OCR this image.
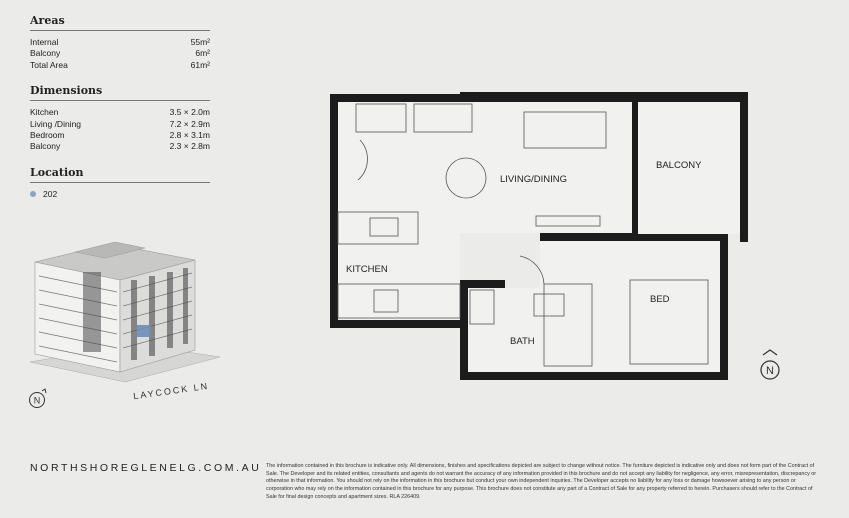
Areas
Internal	55m²
Balcony	6m²
Total Area	61m²
Dimensions
Kitchen	3.5 × 2.0m
Living /Dining	7.2 × 2.9m
Bedroom	2.8 × 3.1m
Balcony	2.3 × 2.8m
Location
202
LAYCOCK LN
N
N
LIVING/DINING
BALCONY
KITCHEN
BED
BATH
NORTHSHOREGLENELG.COM.AU The information contained in this brochure is indicative only. All dimensions, finishes and specifications depicted are subject to change without notice. The furniture depicted is indicative only and does not form part of the Contract of Sale. The Developer and its related entities, consultants and agents do not warrant the accuracy of any information provided in this brochure and do not accept any liability for negligence, any error, misrepresentation, discrepancy or otherwise in that information. You should not rely on the information in this brochure but conduct your own independent inquiries. The Developer accepts no liability for any loss or damage howsoever arising to any person or corporation who may rely on the information contained in this brochure for any purpose. This brochure does not constitute any part of a Contract of Sale for any property referred to herein. Purchasers should refer to the Contract of Sale for final design concepts and apartment sizes. RLA 226409.
